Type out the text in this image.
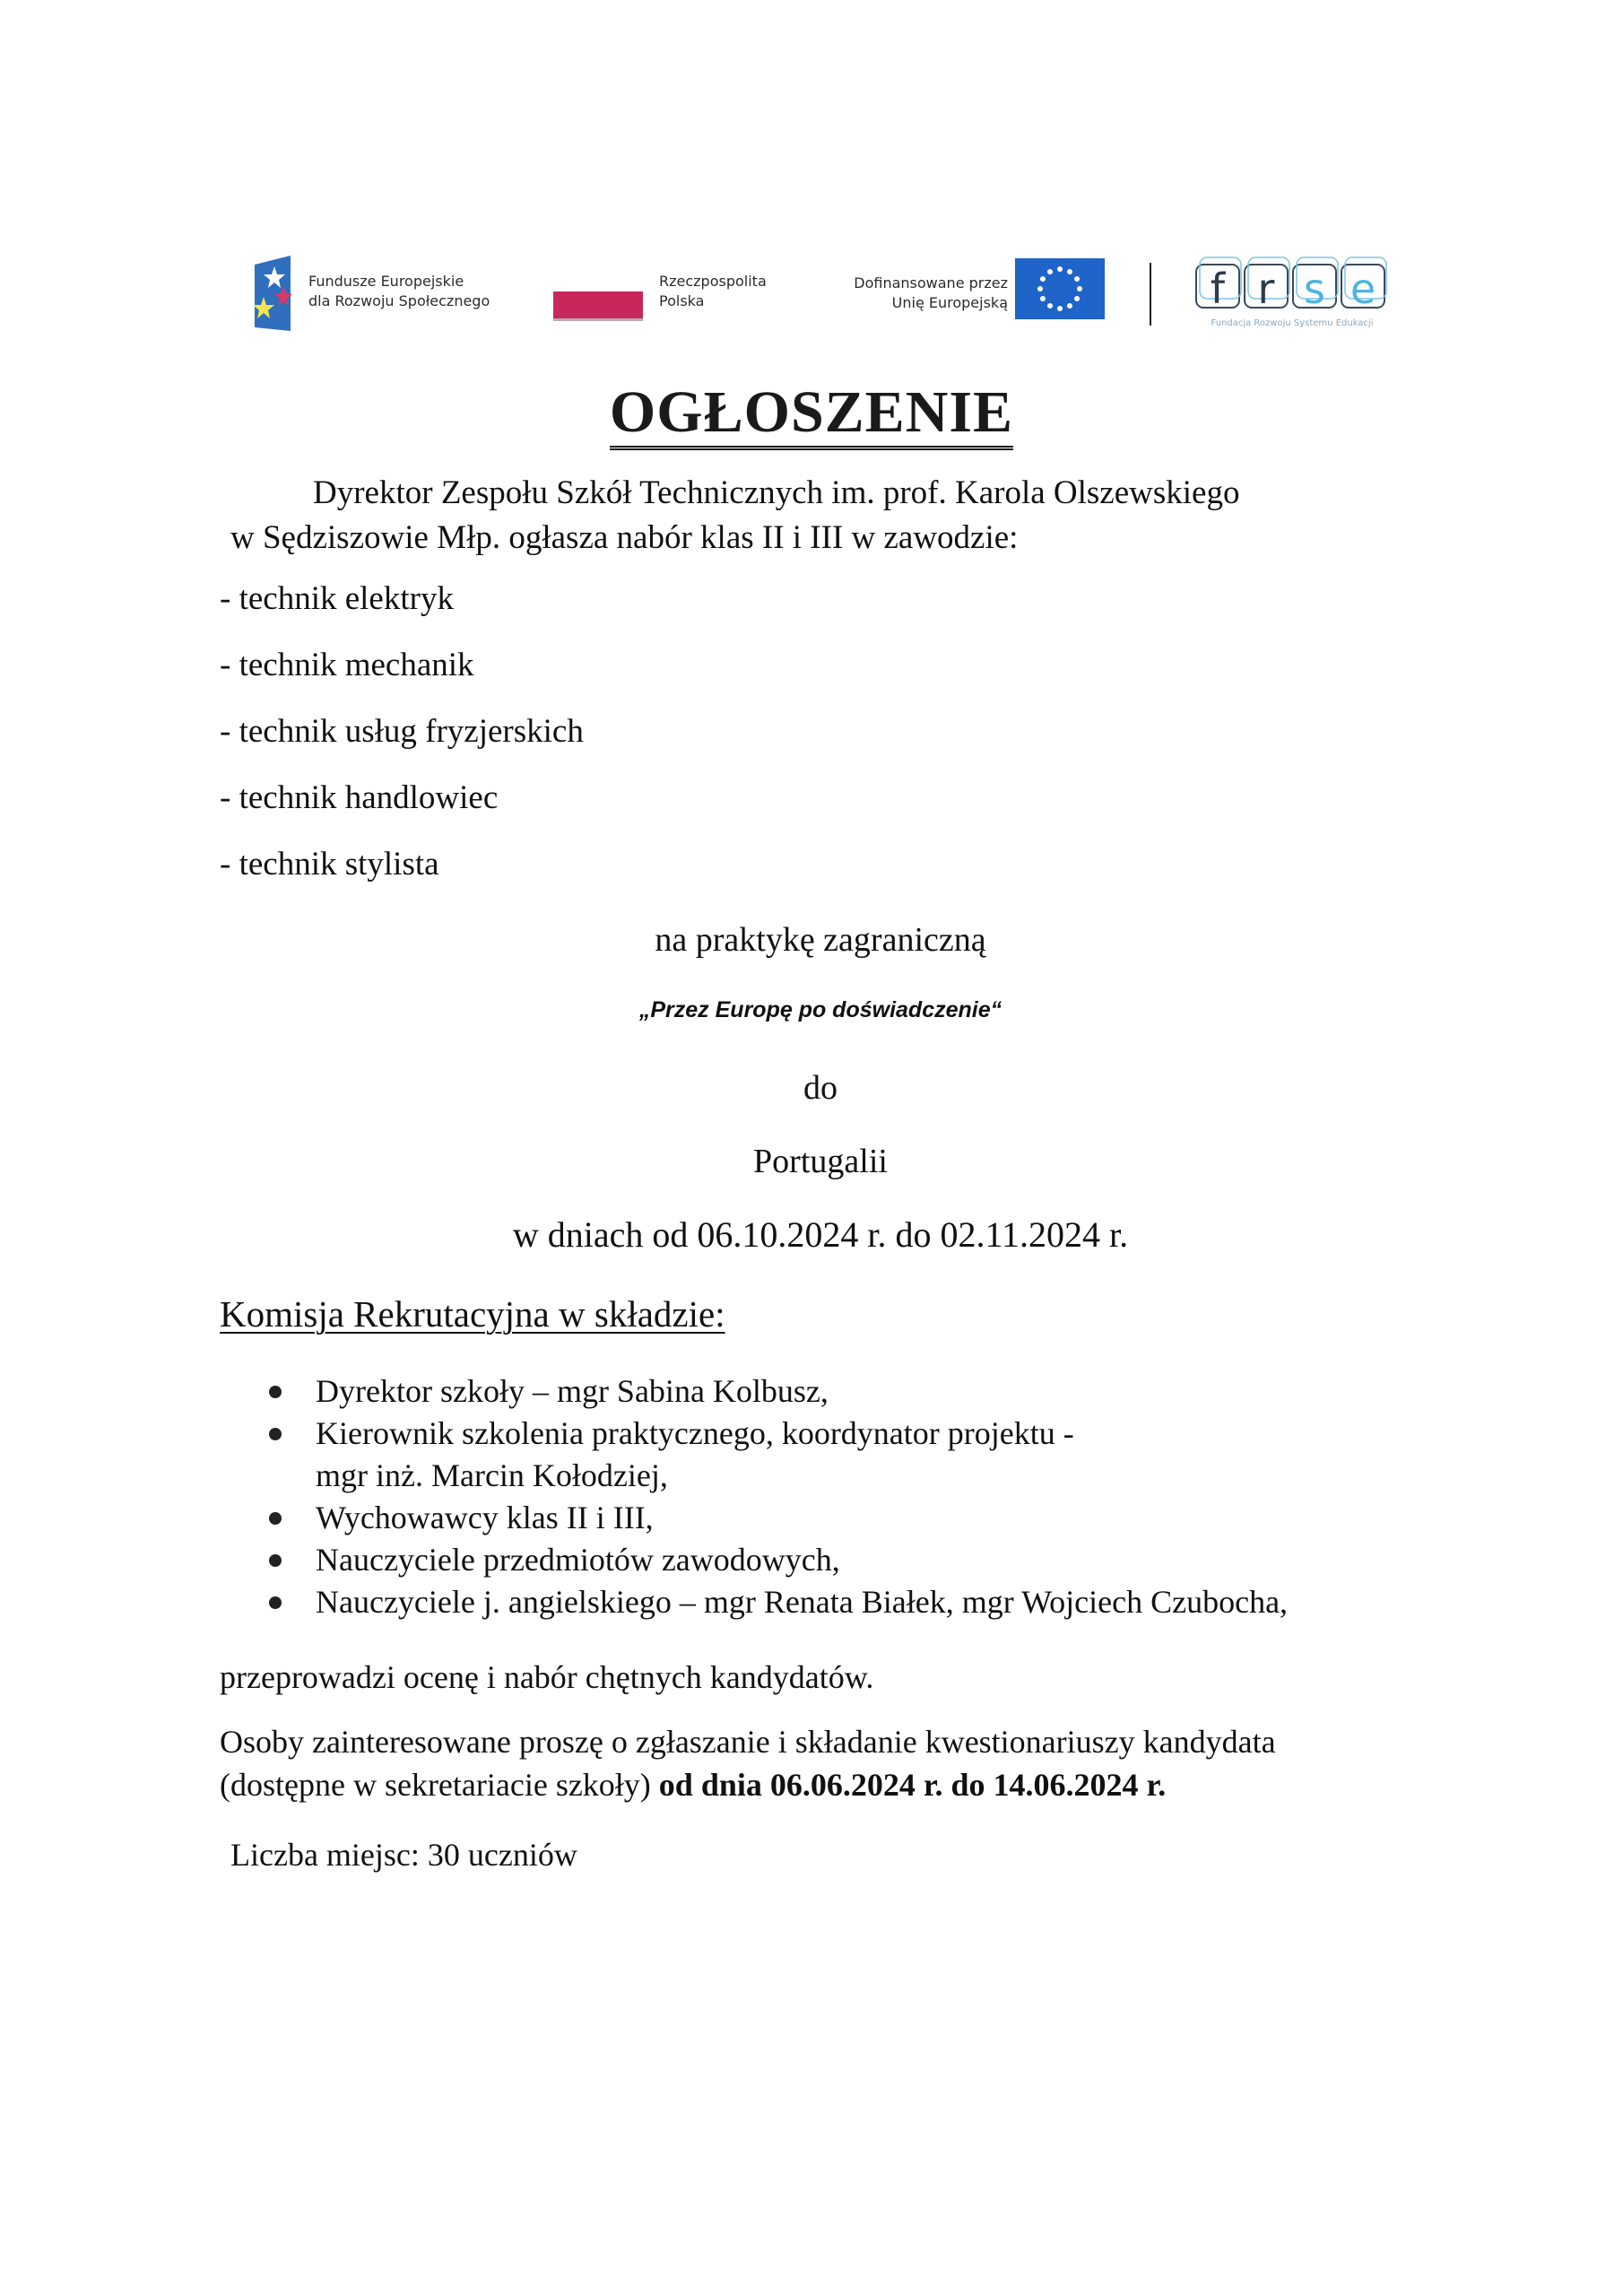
Fundusze Europejskie
dla Rozwoju Społecznego
Rzeczpospolita
Polska
Dofinansowane przez
Unię Europejską	f r s e
Fundacja Rozwoju Systemu Edukacji
OGŁOSZENIE
Dyrektor Zespołu Szkół Technicznych im. prof. Karola Olszewskiego
w Sędziszowie Młp. ogłasza nabór klas II i III w zawodzie:
- technik elektryk
- technik mechanik
- technik usług fryzjerskich
- technik handlowiec
- technik stylista
na praktykę zagraniczną
„Przez Europę po doświadczenie“
do
Portugalii
w dniach od 06.10.2024 r. do 02.11.2024 r.
Komisja Rekrutacyjna w składzie:
Dyrektor szkoły – mgr Sabina Kolbusz,
Kierownik szkolenia praktycznego, koordynator projektu -
mgr inż. Marcin Kołodziej,
Wychowawcy klas II i III,
Nauczyciele przedmiotów zawodowych,
Nauczyciele j. angielskiego – mgr Renata Białek, mgr Wojciech Czubocha,
przeprowadzi ocenę i nabór chętnych kandydatów.
Osoby zainteresowane proszę o zgłaszanie i składanie kwestionariuszy kandydata
(dostępne w sekretariacie szkoły) od dnia 06.06.2024 r. do 14.06.2024 r.
Liczba miejsc: 30 uczniów
